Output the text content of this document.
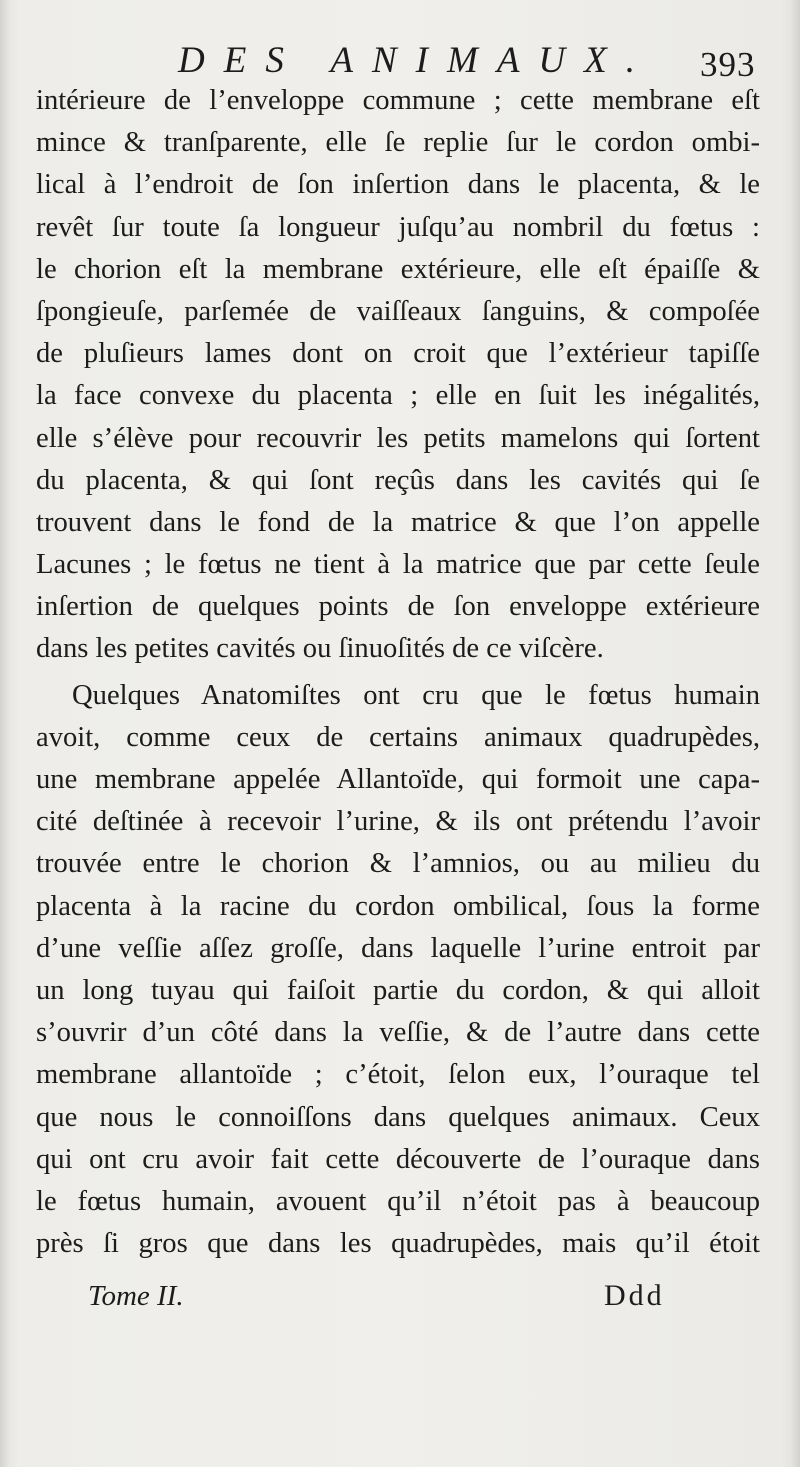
DES ANIMAUX. 393
intérieure de l’enveloppe commune ; cette membrane eſt
mince & tranſparente, elle ſe replie ſur le cordon ombi-
lical à l’endroit de ſon inſertion dans le placenta, & le
revêt ſur toute ſa longueur juſqu’au nombril du fœtus :
le chorion eſt la membrane extérieure, elle eſt épaiſſe &
ſpongieuſe, parſemée de vaiſſeaux ſanguins, & compoſée
de pluſieurs lames dont on croit que l’extérieur tapiſſe
la face convexe du placenta ; elle en ſuit les inégalités,
elle s’élève pour recouvrir les petits mamelons qui ſortent
du placenta, & qui ſont reçûs dans les cavités qui ſe
trouvent dans le fond de la matrice & que l’on appelle
Lacunes ; le fœtus ne tient à la matrice que par cette ſeule
inſertion de quelques points de ſon enveloppe extérieure
dans les petites cavités ou ſinuoſités de ce viſcère.
Quelques Anatomiſtes ont cru que le fœtus humain
avoit, comme ceux de certains animaux quadrupèdes,
une membrane appelée Allantoïde, qui formoit une capa-
cité deſtinée à recevoir l’urine, & ils ont prétendu l’avoir
trouvée entre le chorion & l’amnios, ou au milieu du
placenta à la racine du cordon ombilical, ſous la forme
d’une veſſie aſſez groſſe, dans laquelle l’urine entroit par
un long tuyau qui faiſoit partie du cordon, & qui alloit
s’ouvrir d’un côté dans la veſſie, & de l’autre dans cette
membrane allantoïde ; c’étoit, ſelon eux, l’ouraque tel
que nous le connoiſſons dans quelques animaux. Ceux
qui ont cru avoir fait cette découverte de l’ouraque dans
le fœtus humain, avouent qu’il n’étoit pas à beaucoup
près ſi gros que dans les quadrupèdes, mais qu’il étoit
Tome II.	Ddd
